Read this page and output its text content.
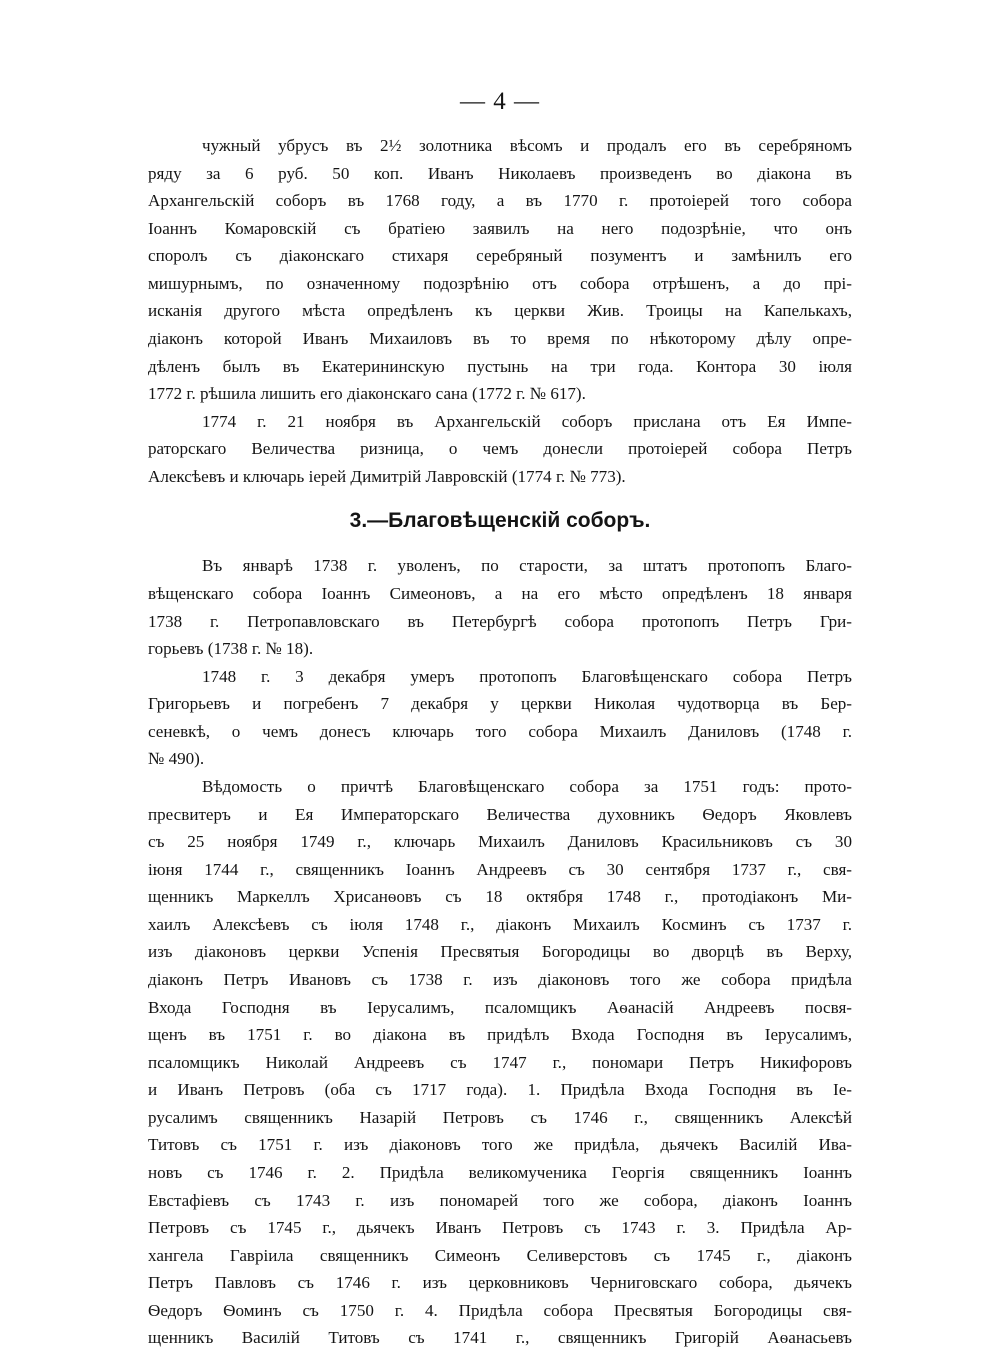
— 4 —
чужный убрусъ въ 2½ золотника вѣсомъ и продалъ его въ серебряномъ
ряду за 6 руб. 50 коп. Иванъ Николаевъ произведенъ во діакона въ
Архангельскій соборъ въ 1768 году, а въ 1770 г. протоіерей того собора
Іоаннъ Комаровскій съ братіею заявилъ на него подозрѣніе, что онъ
споролъ съ діаконскаго стихаря серебряный позументъ и замѣнилъ его
мишурнымъ, по означенному подозрѣнію отъ собора отрѣшенъ, а до прі-
исканія другого мѣста опредѣленъ къ церкви Жив. Троицы на Капелькахъ,
діаконъ которой Иванъ Михаиловъ въ то время по нѣкоторому дѣлу опре-
дѣленъ былъ въ Екатерининскую пустынь на три года. Контора 30 іюля
1772 г. рѣшила лишить его діаконскаго сана (1772 г. № 617).
1774 г. 21 ноября въ Архангельскій соборъ прислана отъ Ея Импе-
раторскаго Величества ризница, о чемъ донесли протоіерей собора Петръ
Алексѣевъ и ключарь іерей Димитрій Лавровскій (1774 г. № 773).
3.—Благовѣщенскій соборъ.
Въ январѣ 1738 г. уволенъ, по старости, за штатъ протопопъ Благо-
вѣщенскаго собора Іоаннъ Симеоновъ, а на его мѣсто опредѣленъ 18 января
1738 г. Петропавловскаго въ Петербургѣ собора протопопъ Петръ Гри-
горьевъ (1738 г. № 18).
1748 г. 3 декабря умеръ протопопъ Благовѣщенскаго собора Петръ
Григорьевъ и погребенъ 7 декабря у церкви Николая чудотворца въ Бер-
сеневкѣ, о чемъ донесъ ключарь того собора Михаилъ Даниловъ (1748 г.
№ 490).
Вѣдомость о причтѣ Благовѣщенскаго собора за 1751 годъ: прото-
пресвитеръ и Ея Императорскаго Величества духовникъ Ѳедоръ Яковлевъ
съ 25 ноября 1749 г., ключарь Михаилъ Даниловъ Красильниковъ съ 30
іюня 1744 г., священникъ Іоаннъ Андреевъ съ 30 сентября 1737 г., свя-
щенникъ Маркеллъ Хрисанѳовъ съ 18 октября 1748 г., протодіаконъ Ми-
хаилъ Алексѣевъ съ іюля 1748 г., діаконъ Михаилъ Косминъ съ 1737 г.
изъ діаконовъ церкви Успенія Пресвятыя Богородицы во дворцѣ въ Верху,
діаконъ Петръ Ивановъ съ 1738 г. изъ діаконовъ того же собора придѣла
Входа Господня въ Іерусалимъ, псаломщикъ Аѳанасій Андреевъ посвя-
щенъ въ 1751 г. во діакона въ придѣлъ Входа Господня въ Іерусалимъ,
псаломщикъ Николай Андреевъ съ 1747 г., пономари Петръ Никифоровъ
и Иванъ Петровъ (оба съ 1717 года). 1. Придѣла Входа Господня въ Іе-
русалимъ священникъ Назарій Петровъ съ 1746 г., священникъ Алексѣй
Титовъ съ 1751 г. изъ діаконовъ того же придѣла, дьячекъ Василій Ива-
новъ съ 1746 г. 2. Придѣла великомученика Георгія священникъ Іоаннъ
Евстафіевъ съ 1743 г. изъ пономарей того же собора, діаконъ Іоаннъ
Петровъ съ 1745 г., дьячекъ Иванъ Петровъ съ 1743 г. 3. Придѣла Ар-
хангела Гавріила священникъ Симеонъ Селиверстовъ съ 1745 г., діаконъ
Петръ Павловъ съ 1746 г. изъ церковниковъ Черниговскаго собора, дьячекъ
Ѳедоръ Ѳоминъ съ 1750 г. 4. Придѣла собора Пресвятыя Богородицы свя-
щенникъ Василій Титовъ съ 1741 г., священникъ Григорій Аѳанасьевъ
